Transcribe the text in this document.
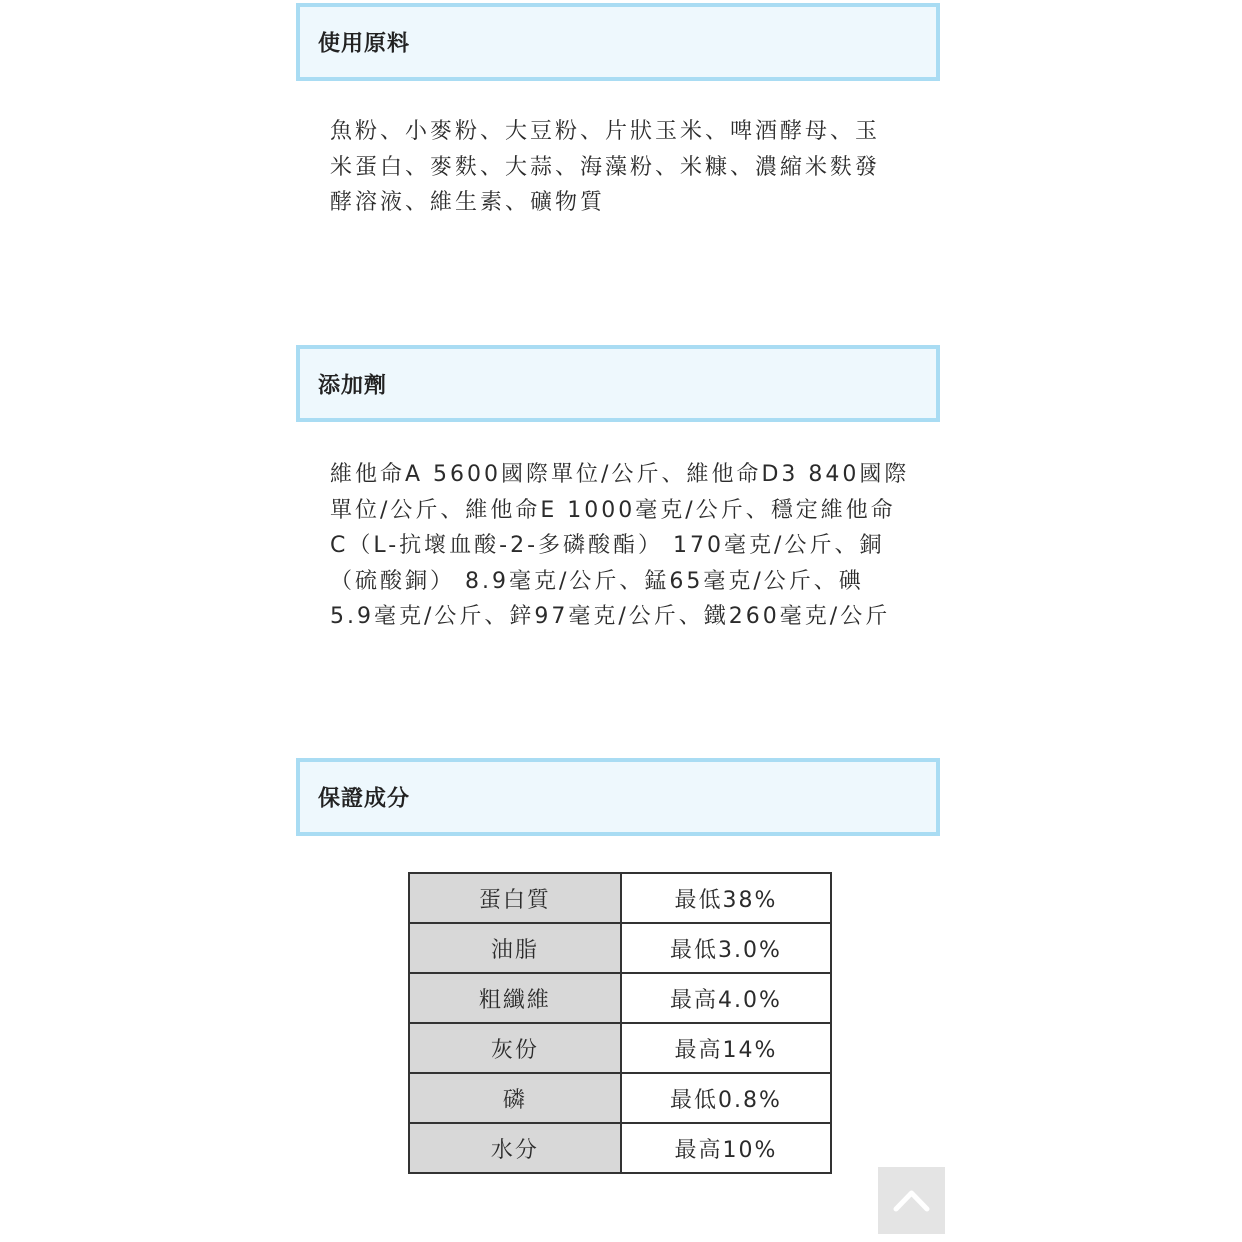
使用原料
魚粉、小麥粉、大豆粉、片狀玉米、啤酒酵母、玉
米蛋白、麥麩、大蒜、海藻粉、米糠、濃縮米麩發
酵溶液、維生素、礦物質
添加劑
維他命A 5600國際單位/公斤、維他命D3 840國際
單位/公斤、維他命E 1000毫克/公斤、穩定維他命
C（L-抗壞血酸-2-多磷酸酯） 170毫克/公斤、銅
（硫酸銅） 8.9毫克/公斤、錳65毫克/公斤、碘
5.9毫克/公斤、鋅97毫克/公斤、鐵260毫克/公斤
保證成分
蛋白質	最低38%
油脂	最低3.0%
粗纖維	最高4.0%
灰份	最高14%
磷	最低0.8%
水分	最高10%
